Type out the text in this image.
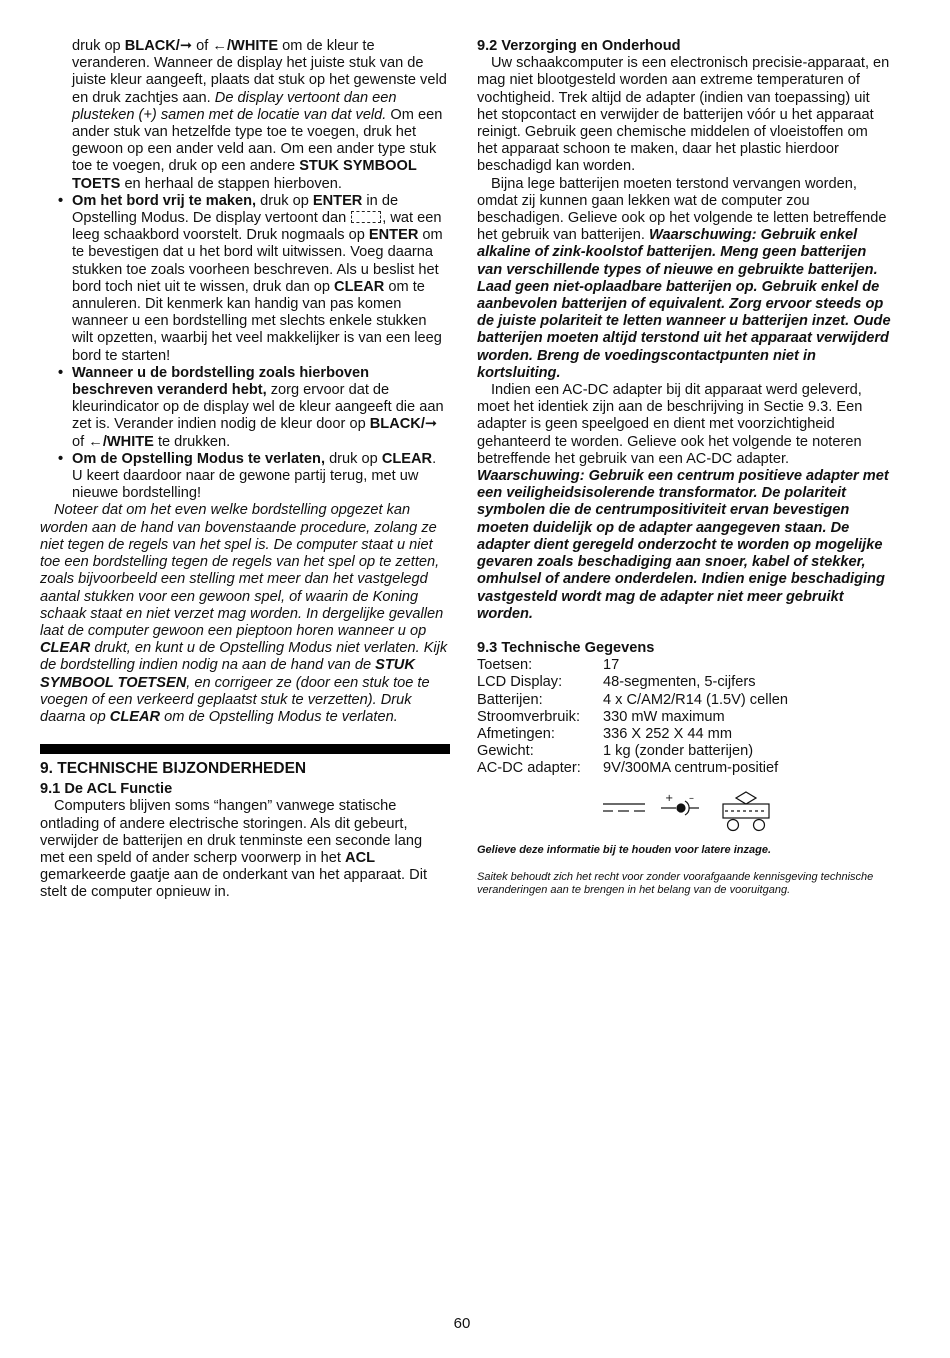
druk op BLACK/➞ of ←/WHITE om de kleur te veranderen. Wanneer de display het juiste stuk van de juiste kleur aangeeft, plaats dat stuk op het gewenste veld en druk zachtjes aan. De display vertoont dan een plusteken (+) samen met de locatie van dat veld. Om een ander stuk van hetzelfde type toe te voegen, druk het gewoon op een ander veld aan. Om een ander type stuk toe te voegen, druk op een andere STUK SYMBOOL TOETS en herhaal de stappen hierboven.

• Om het bord vrij te maken, druk op ENTER in de Opstelling Modus. De display vertoont dan , wat een leeg schaakbord voorstelt. Druk nogmaals op ENTER om te bevestigen dat u het bord wilt uitwissen. Voeg daarna stukken toe zoals voorheen beschreven. Als u beslist het bord toch niet uit te wissen, druk dan op CLEAR om te annuleren. Dit kenmerk kan handig van pas komen wanneer u een bordstelling met slechts enkele stukken wilt opzetten, waarbij het veel makkelijker is van een leeg bord te starten!

• Wanneer u de bordstelling zoals hierboven beschreven veranderd hebt, zorg ervoor dat de kleurindicator op de display wel de kleur aangeeft die aan zet is. Verander indien nodig de kleur door op BLACK/➞ of ←/WHITE te drukken.

• Om de Opstelling Modus te verlaten, druk op CLEAR. U keert daardoor naar de gewone partij terug, met uw nieuwe bordstelling!

Noteer dat om het even welke bordstelling opgezet kan worden aan de hand van bovenstaande procedure, zolang ze niet tegen de regels van het spel is. De computer staat u niet toe een bordstelling tegen de regels van het spel op te zetten, zoals bijvoorbeeld een stelling met meer dan het vastgelegd aantal stukken voor een gewoon spel, of waarin de Koning schaak staat en niet verzet mag worden. In dergelijke gevallen laat de computer gewoon een pieptoon horen wanneer u op CLEAR drukt, en kunt u de Opstelling Modus niet verlaten. Kijk de bordstelling indien nodig na aan de hand van de STUK SYMBOOL TOETSEN, en corrigeer ze (door een stuk toe te voegen of een verkeerd geplaatst stuk te verzetten). Druk daarna op CLEAR om de Opstelling Modus te verlaten.

9. TECHNISCHE BIJZONDERHEDEN
9.1 De ACL Functie

Computers blijven soms “hangen” vanwege statische ontlading of andere electrische storingen. Als dit gebeurt, verwijder de batterijen en druk tenminste een seconde lang met een speld of ander scherp voorwerp in het ACL gemarkeerde gaatje aan de onderkant van het apparaat. Dit stelt de computer opnieuw in.

9.2 Verzorging en Onderhoud

Uw schaakcomputer is een electronisch precisie-apparaat, en mag niet blootgesteld worden aan extreme temperaturen of vochtigheid. Trek altijd de adapter (indien van toepassing) uit het stopcontact en verwijder de batterijen vóór u het apparaat reinigt. Gebruik geen chemische middelen of vloeistoffen om het apparaat schoon te maken, daar het plastic hierdoor beschadigd kan worden.

Bijna lege batterijen moeten terstond vervangen worden, omdat zij kunnen gaan lekken wat de computer zou beschadigen. Gelieve ook op het volgende te letten betreffende het gebruik van batterijen. Waarschuwing: Gebruik enkel alkaline of zink-koolstof batterijen. Meng geen batterijen van verschillende types of nieuwe en gebruikte batterijen. Laad geen niet-oplaadbare batterijen op. Gebruik enkel de aanbevolen batterijen of equivalent. Zorg ervoor steeds op de juiste polariteit te letten wanneer u batterijen inzet. Oude batterijen moeten altijd terstond uit het apparaat verwijderd worden. Breng de voedingscontactpunten niet in kortsluiting.

Indien een AC-DC adapter bij dit apparaat werd geleverd, moet het identiek zijn aan de beschrijving in Sectie 9.3. Een adapter is geen speelgoed en dient met voorzichtigheid gehanteerd te worden. Gelieve ook het volgende te noteren betreffende het gebruik van een AC-DC adapter. Waarschuwing: Gebruik een centrum positieve adapter met een veiligheidsisolerende transformator. De polariteit symbolen die de centrumpositiviteit ervan bevestigen moeten duidelijk op de adapter aangegeven staan. De adapter dient geregeld onderzocht te worden op mogelijke gevaren zoals beschadiging aan snoer, kabel of stekker, omhulsel of andere onderdelen. Indien enige beschadiging vastgesteld wordt mag de adapter niet meer gebruikt worden.

9.3 Technische Gegevens
Toetsen:	17
LCD Display:	48-segmenten, 5-cijfers
Batterijen:	4 x C/AM2/R14 (1.5V) cellen
Stroomverbruik:	330 mW maximum
Afmetingen:	336 X 252 X 44 mm
Gewicht:	1 kg (zonder batterijen)
AC-DC adapter:	9V/300MA centrum-positief
+ –
Gelieve deze informatie bij te houden voor latere inzage.
Saitek behoudt zich het recht voor zonder voorafgaande kennisgeving technische veranderingen aan te brengen in het belang van de vooruitgang.
60
